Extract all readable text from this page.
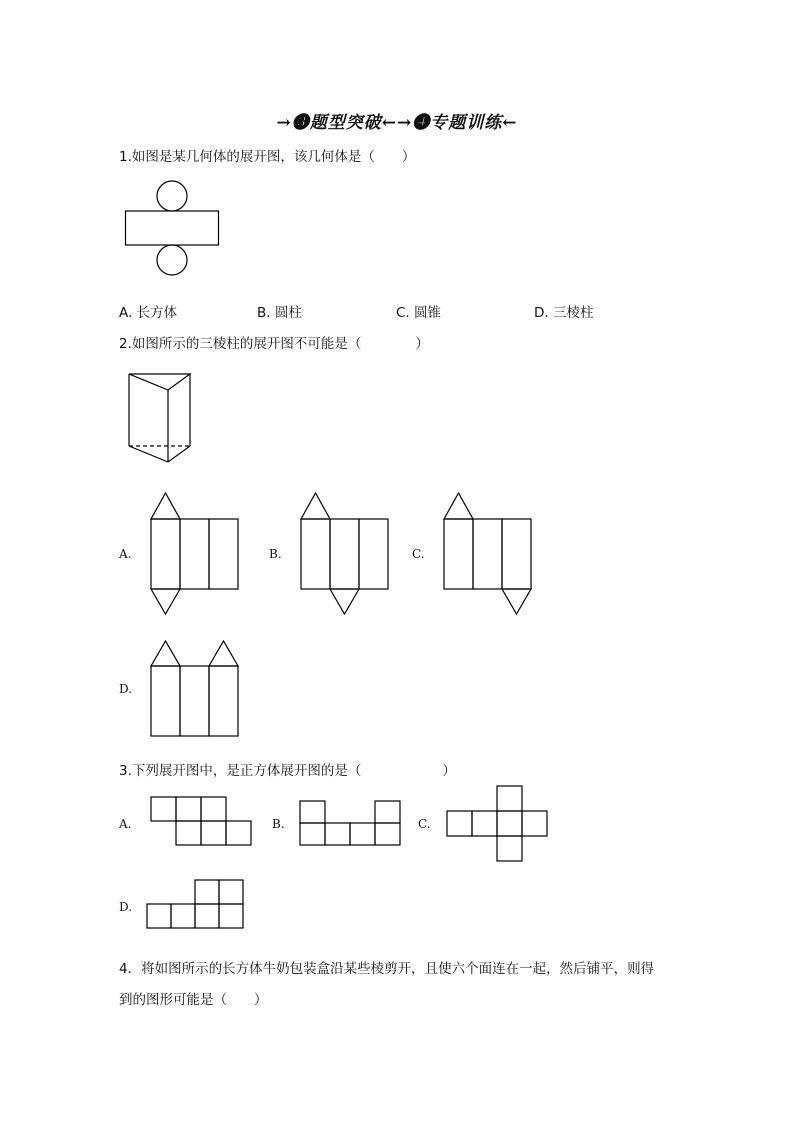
→❸题型突破←→❹专题训练←
1.如图是某几何体的展开图，该几何体是（　　）
A. 长方体	B. 圆柱	C. 圆锥	D. 三棱柱
2.如图所示的三棱柱的展开图不可能是（　　　　）
A.	B.	C.
D.
3.下列展开图中，是正方体展开图的是（　　　　　　）
A.	B.	C.
D.
4．将如图所示的长方体牛奶包装盒沿某些棱剪开，且使六个面连在一起，然后铺平，则得
到的图形可能是（　　）
